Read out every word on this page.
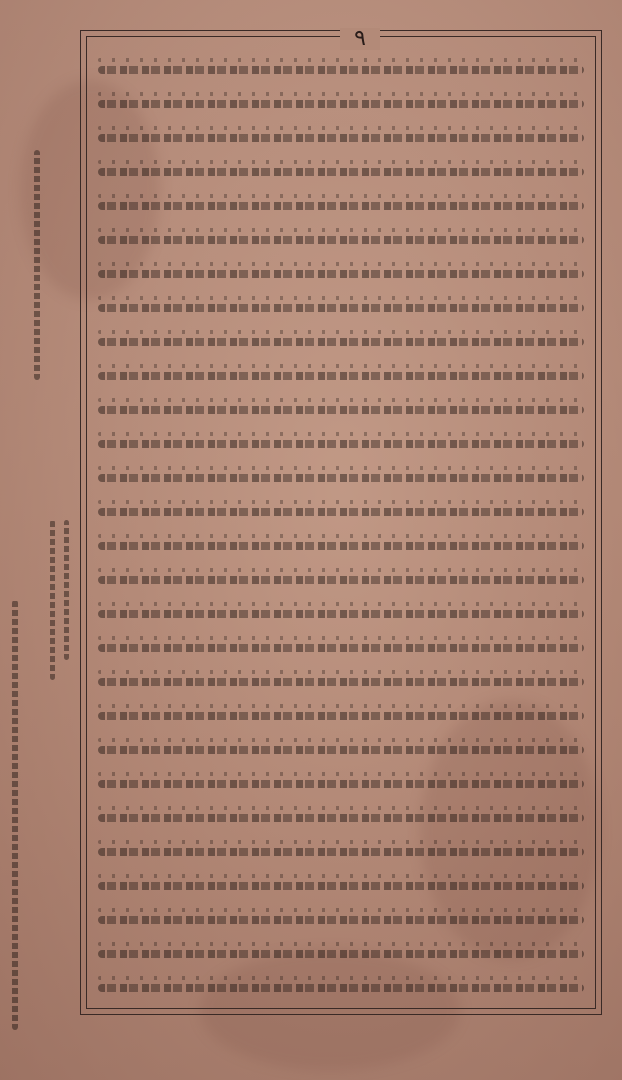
٩
